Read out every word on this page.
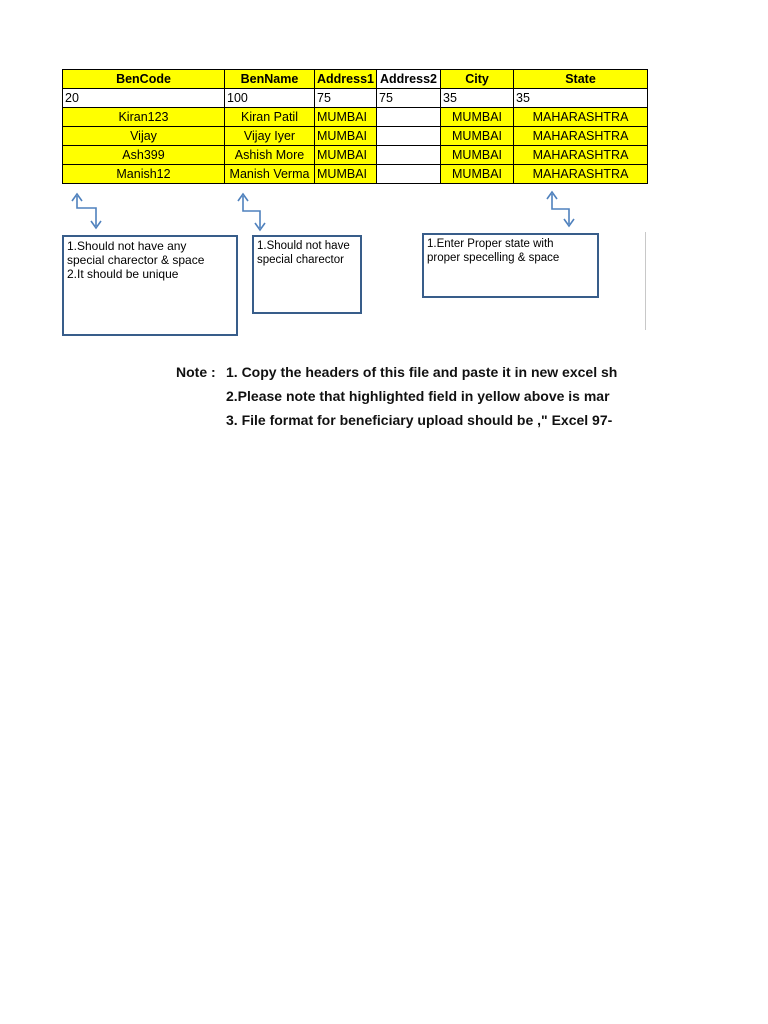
BenCode	BenName	Address1	Address2	City	State
20	100	75	75	35	35
Kiran123	Kiran Patil	MUMBAI		MUMBAI	MAHARASHTRA
Vijay	Vijay Iyer	MUMBAI		MUMBAI	MAHARASHTRA
Ash399	Ashish More	MUMBAI		MUMBAI	MAHARASHTRA
Manish12	Manish Verma	MUMBAI		MUMBAI	MAHARASHTRA
1.Should not have any
special charector & space
2.It should be unique
1.Should not have
special charector
1.Enter Proper state with
proper specelling & space
Note : 1. Copy the headers of this file and paste it in new excel sh
2.Please note that highlighted field in yellow above is mar
3. File format for beneficiary upload should be ," Excel 97-
